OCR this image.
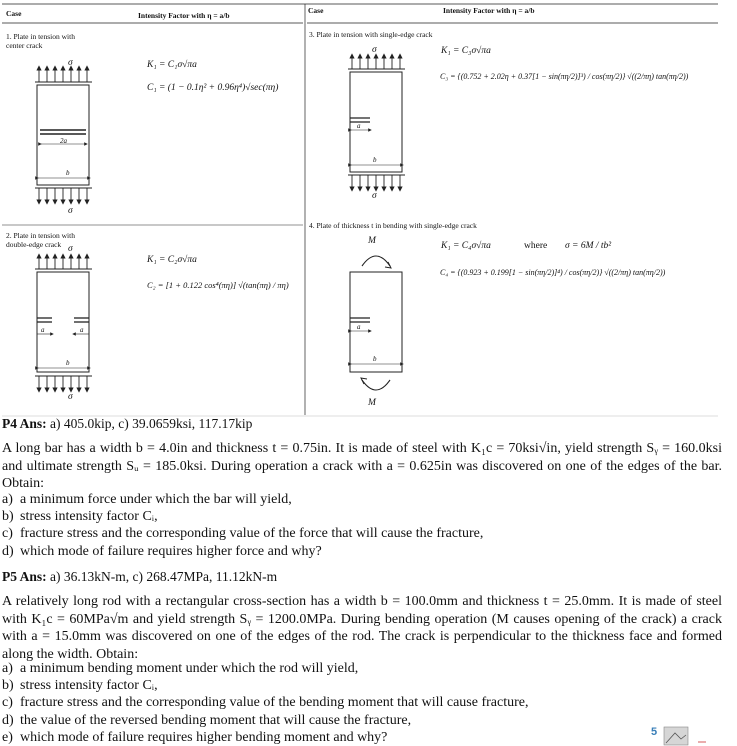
Case	Intensity Factor with η = a/b
Case	Intensity Factor with η = a/b
1. Plate in tension with center crack
σ
σ
2a
b
K₁ = C₁σ√πa
C₁ = (1 − 0.1η² + 0.96η⁴)√sec(πη)
2. Plate in tension with double-edge crack σ
σ
a	a
b
K₁ = C₂σ√πa
C₂ = [1 + 0.122 cos⁴(πη)] √(tan(πη) / πη)
3. Plate in tension with single-edge crack
σ
σ
a
b
K₁ = C₃σ√πa
C₃ = {(0.752 + 2.02η + 0.37[1 − sin(πη/2)]³) / cos(πη/2)} √((2/πη) tan(πη/2))
4. Plate of thickness t in bending with single-edge crack
M
M
a
b
K₁ = C₄σ√πa	where σ = 6M / tb²
C₄ = {(0.923 + 0.199[1 − sin(πη/2)]⁴) / cos(πη/2)} √((2/πη) tan(πη/2))
P4 Ans: a) 405.0kip, c) 39.0659ksi, 117.17kip
A long bar has a width b = 4.0in and thickness t = 0.75in. It is made of steel with K₁c = 70ksi√in, yield strength Sᵧ = 160.0ksi and ultimate strength Sᵤ = 185.0ksi. During operation a crack with a = 0.625in was discovered on one of the edges of the bar. Obtain:
a) a minimum force under which the bar will yield,
b) stress intensity factor Cᵢ,
c) fracture stress and the corresponding value of the force that will cause the fracture,
d) which mode of failure requires higher force and why?
P5 Ans: a) 36.13kN-m, c) 268.47MPa, 11.12kN-m
A relatively long rod with a rectangular cross-section has a width b = 100.0mm and thickness t = 25.0mm. It is made of steel with K₁c = 60MPa√m and yield strength Sᵧ = 1200.0MPa. During bending operation (M causes opening of the crack) a crack with a = 15.0mm was discovered on one of the edges of the rod. The crack is perpendicular to the thickness face and formed along the width. Obtain:
a) a minimum bending moment under which the rod will yield,
b) stress intensity factor Cᵢ,
c) fracture stress and the corresponding value of the bending moment that will cause fracture,
d) the value of the reversed bending moment that will cause the fracture,
e) which mode of failure requires higher bending moment and why?	5
